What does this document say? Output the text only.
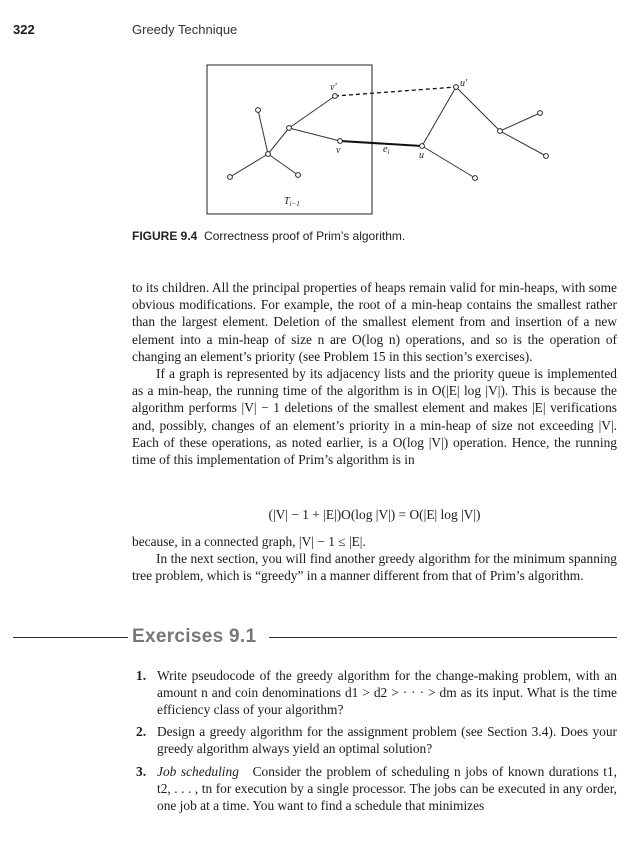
322	Greedy Technique
v′	u′
v	$e_i$	u
$T_{i-1}$
FIGURE 9.4 Correctness proof of Prim’s algorithm.

to its children. All the principal properties of heaps remain valid for min-heaps, with some obvious modifications. For example, the root of a min-heap contains the smallest rather than the largest element. Deletion of the smallest element from and insertion of a new element into a min-heap of size n are O(log n) operations, and so is the operation of changing an element’s priority (see Problem 15 in this section’s exercises).

If a graph is represented by its adjacency lists and the priority queue is implemented as a min-heap, the running time of the algorithm is in O(|E| log |V|). This is because the algorithm performs |V| − 1 deletions of the smallest element and makes |E| verifications and, possibly, changes of an element’s priority in a min-heap of size not exceeding |V|. Each of these operations, as noted earlier, is a O(log |V|) operation. Hence, the running time of this implementation of Prim’s algorithm is in

(|V| − 1 + |E|)O(log |V|) = O(|E| log |V|)

because, in a connected graph, |V| − 1 ≤ |E|.

In the next section, you will find another greedy algorithm for the minimum spanning tree problem, which is “greedy” in a manner different from that of Prim’s algorithm.

Exercises 9.1
1. Write pseudocode of the greedy algorithm for the change-making problem, with an amount n and coin denominations d1 > d2 > · · · > dm as its input. What is the time efficiency class of your algorithm?
2. Design a greedy algorithm for the assignment problem (see Section 3.4). Does your greedy algorithm always yield an optimal solution?
3. Job scheduling Consider the problem of scheduling n jobs of known durations t1, t2, . . . , tn for execution by a single processor. The jobs can be executed in any order, one job at a time. You want to find a schedule that minimizes
